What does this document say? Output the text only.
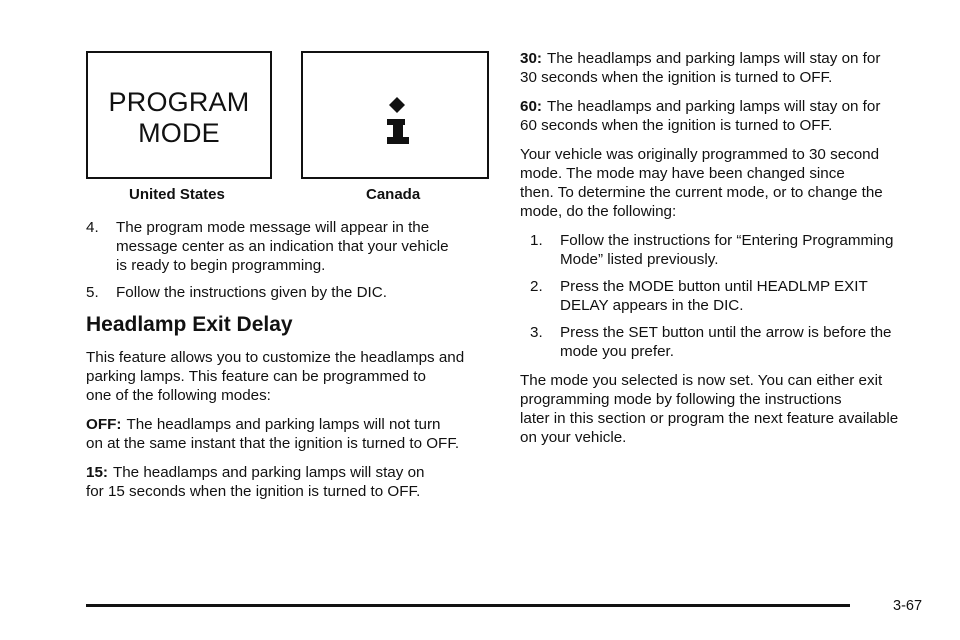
PROGRAM
MODE
United States	Canada
4. The program mode message will appear in the
message center as an indication that your vehicle
is ready to begin programming.
5. Follow the instructions given by the DIC.
Headlamp Exit Delay

This feature allows you to customize the headlamps and
parking lamps. This feature can be programmed to
one of the following modes:

OFF: The headlamps and parking lamps will not turn
on at the same instant that the ignition is turned to OFF.

15: The headlamps and parking lamps will stay on
for 15 seconds when the ignition is turned to OFF.

30: The headlamps and parking lamps will stay on for
30 seconds when the ignition is turned to OFF.

60: The headlamps and parking lamps will stay on for
60 seconds when the ignition is turned to OFF.

Your vehicle was originally programmed to 30 second
mode. The mode may have been changed since
then. To determine the current mode, or to change the
mode, do the following:

1. Follow the instructions for “Entering Programming
Mode” listed previously.
2. Press the MODE button until HEADLMP EXIT
DELAY appears in the DIC.
3. Press the SET button until the arrow is before the
mode you prefer.

The mode you selected is now set. You can either exit
programming mode by following the instructions
later in this section or program the next feature available
on your vehicle.

3-67
